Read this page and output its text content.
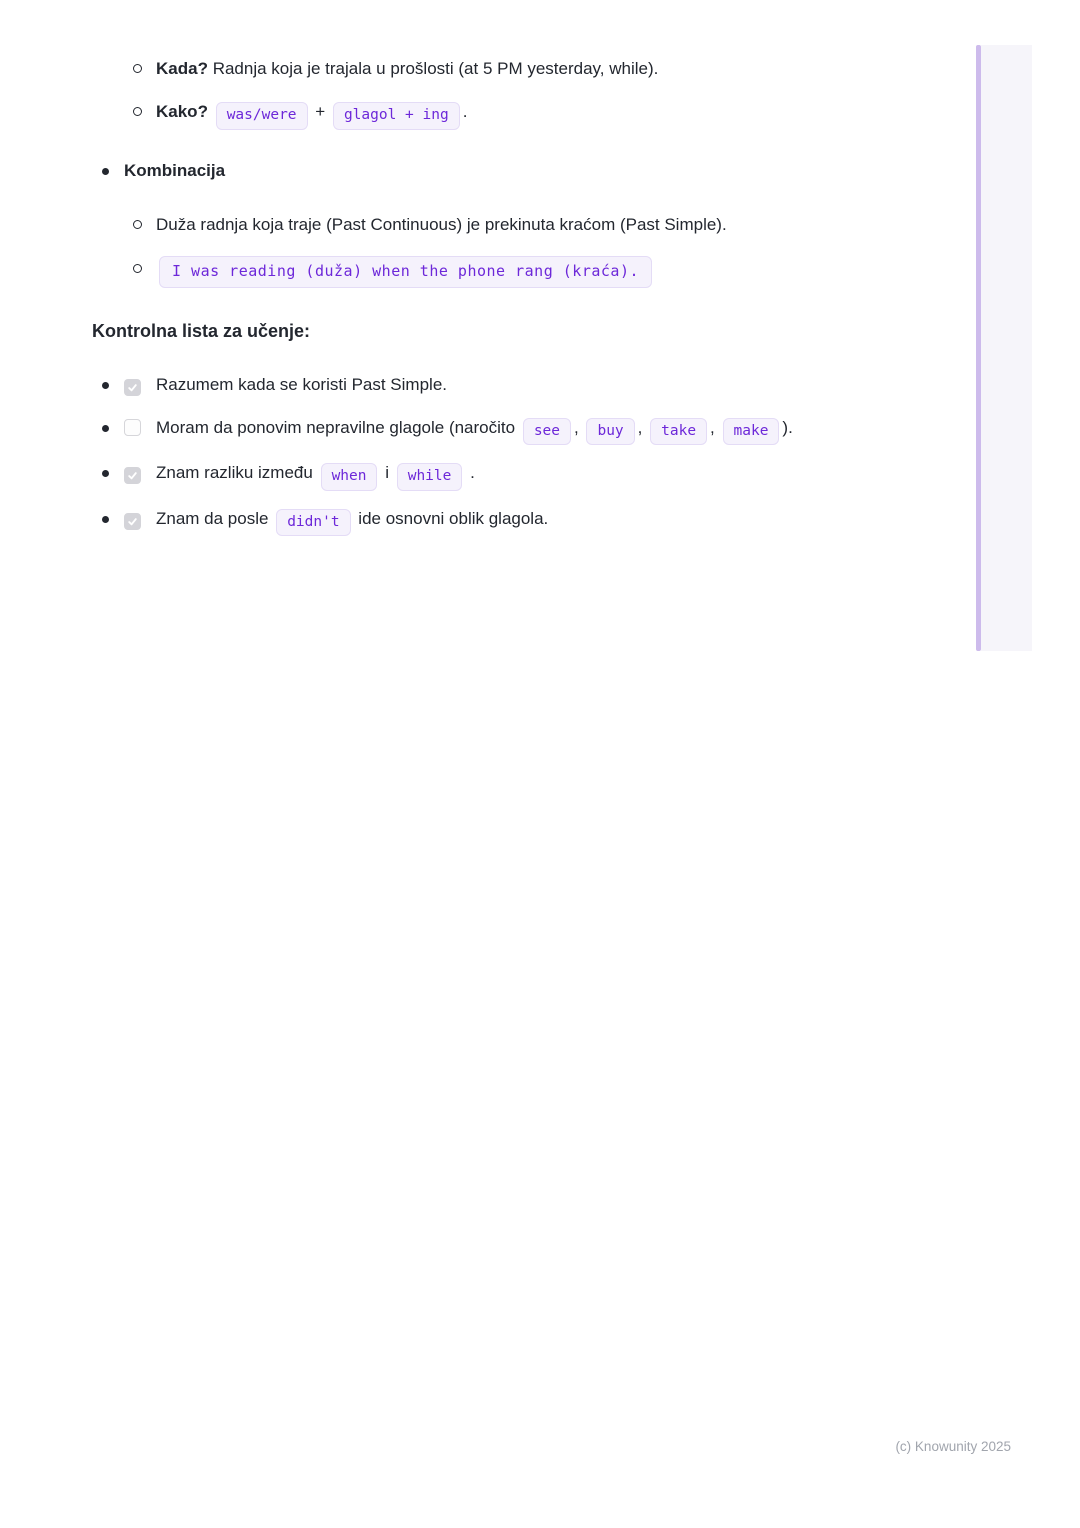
Kada? Radnja koja je trajala u prošlosti (at 5 PM yesterday, while).
Kako? was/were + glagol + ing .
Kombinacija
Duža radnja koja traje (Past Continuous) je prekinuta kraćom (Past Simple).
I was reading (duža) when the phone rang (kraća).
Kontrolna lista za učenje:
Razumem kada se koristi Past Simple.
Moram da ponovim nepravilne glagole (naročito see , buy , take , make ).
Znam razliku između when i while .
Znam da posle didn't ide osnovni oblik glagola.
(c) Knowunity 2025
